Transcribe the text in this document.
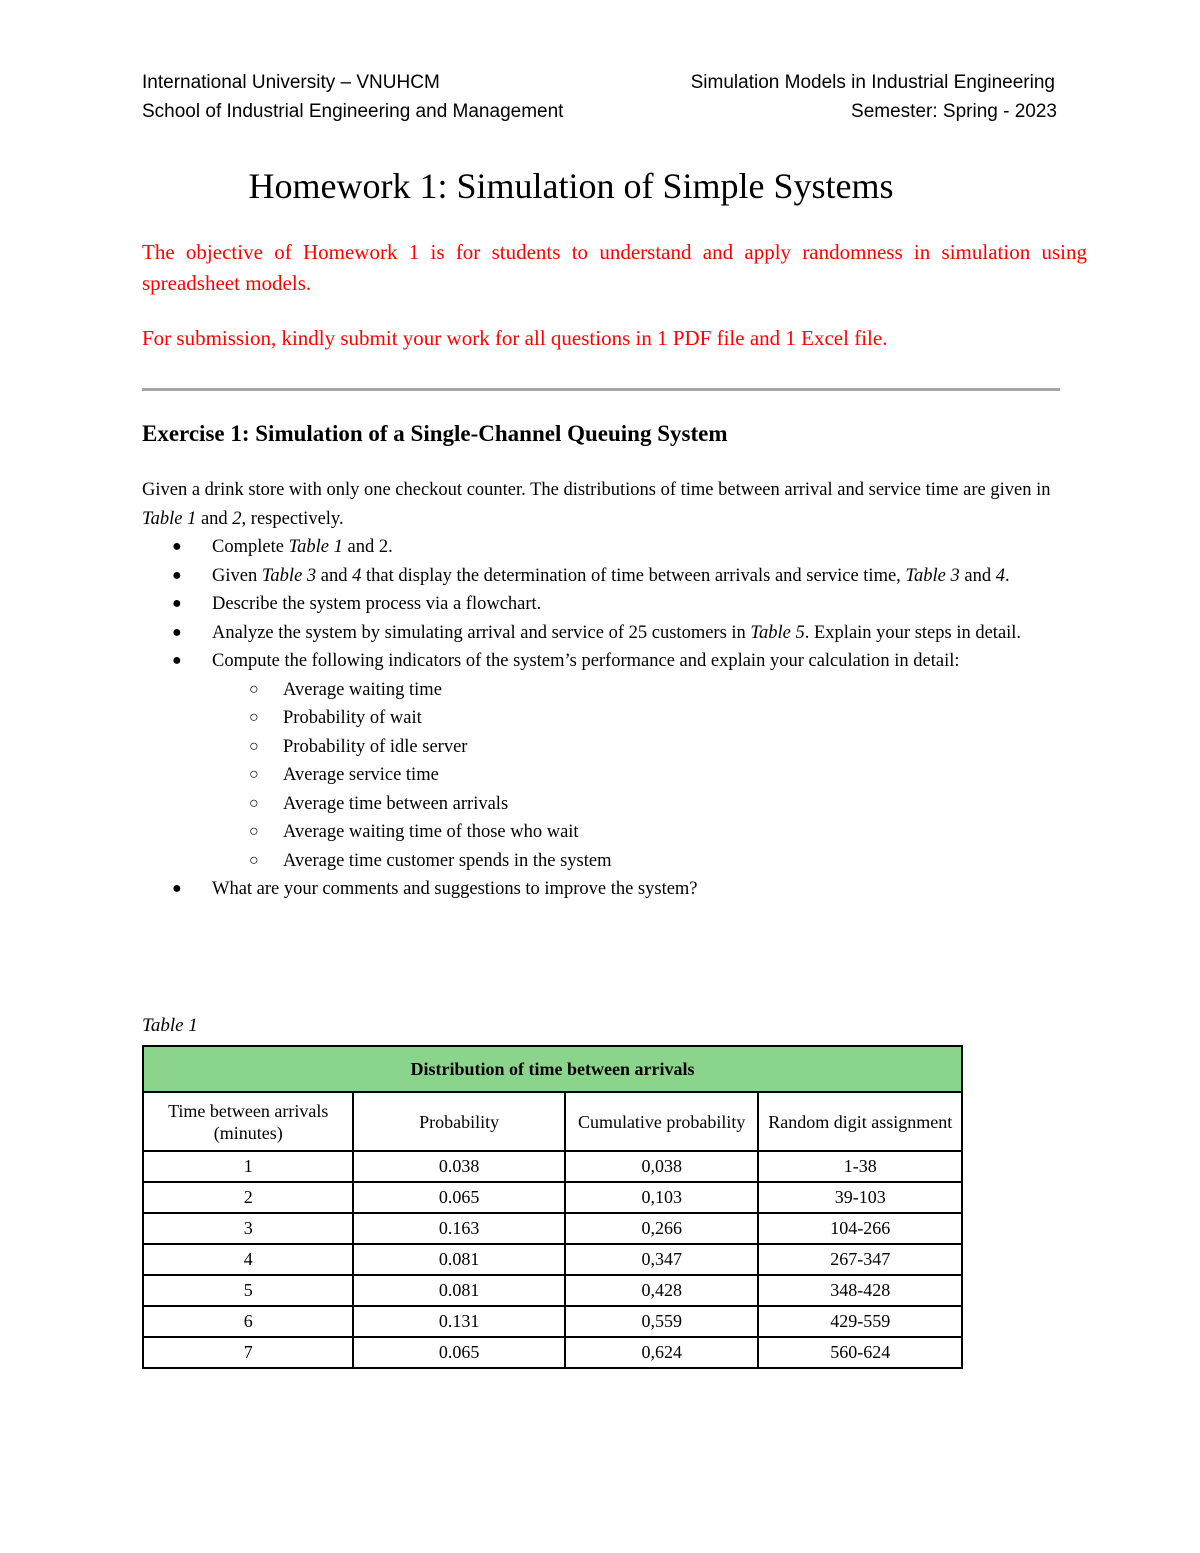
International University – VNUHCM
School of Industrial Engineering and Management
Simulation Models in Industrial Engineering
Semester: Spring - 2023
Homework 1: Simulation of Simple Systems
The objective of Homework 1 is for students to understand and apply randomness in simulation using spreadsheet models.
For submission, kindly submit your work for all questions in 1 PDF file and 1 Excel file.
Exercise 1: Simulation of a Single-Channel Queuing System

Given a drink store with only one checkout counter. The distributions of time between arrival and service time are given in Table 1 and 2, respectively.

● Complete Table 1 and 2.
● Given Table 3 and 4 that display the determination of time between arrivals and service time, Table 3 and 4.
● Describe the system process via a flowchart.
● Analyze the system by simulating arrival and service of 25 customers in Table 5. Explain your steps in detail.
● Compute the following indicators of the system’s performance and explain your calculation in detail:
○ Average waiting time
○ Probability of wait
○ Probability of idle server
○ Average service time
○ Average time between arrivals
○ Average waiting time of those who wait
○ Average time customer spends in the system
● What are your comments and suggestions to improve the system?
Table 1
Distribution of time between arrivals			
Time between arrivals (minutes)	Probability	Cumulative probability	Random digit assignment
1	0.038	0,038	1-38
2	0.065	0,103	39-103
3	0.163	0,266	104-266
4	0.081	0,347	267-347
5	0.081	0,428	348-428
6	0.131	0,559	429-559
7	0.065	0,624	560-624
